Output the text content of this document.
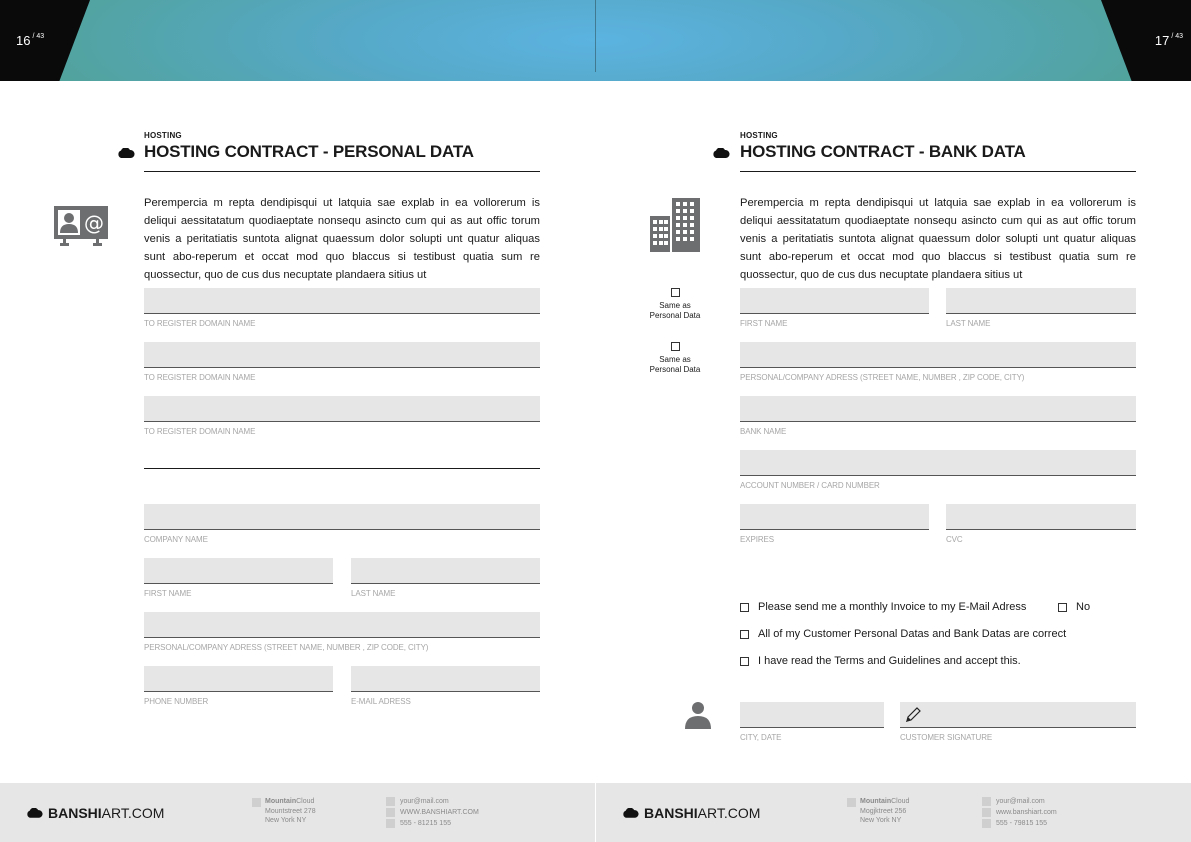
16 $^{/ 43}$	17 $^{/ 43}$
HOSTING
HOSTING CONTRACT - PERSONAL DATA
@

Perempercia m repta dendipisqui ut latquia sae explab in ea vollorerum is deliqui aessitatatum quodiaeptate nonsequ asincto cum qui as aut offic torum venis a peritatiatis suntota alignat quaessum dolor solupti unt quatur aliquas sunt abo-reperum et occat mod quo blaccus si testibust quatia sum re quossectur, quo de cus dus necuptate plandaera sitius ut

TO REGISTER DOMAIN NAME
TO REGISTER DOMAIN NAME
TO REGISTER DOMAIN NAME
COMPANY NAME
FIRST NAME	LAST NAME
PERSONAL/COMPANY ADRESS (STREET NAME, NUMBER , ZIP CODE, CITY)
PHONE NUMBER	E-MAIL ADRESS
HOSTING
HOSTING CONTRACT - BANK DATA

Perempercia m repta dendipisqui ut latquia sae explab in ea vollorerum is deliqui aessitatatum quodiaeptate nonsequ asincto cum qui as aut offic torum venis a peritatiatis suntota alignat quaessum dolor solupti unt quatur aliquas sunt abo-reperum et occat mod quo blaccus si testibust quatia sum re quossectur, quo de cus dus necuptate plandaera sitius ut

Same as
Personal Data
Same as
Personal Data
FIRST NAME	LAST NAME
PERSONAL/COMPANY ADRESS (STREET NAME, NUMBER , ZIP CODE, CITY)
BANK NAME
ACCOUNT NUMBER / CARD NUMBER
EXPIRES	CVC
Please send me a monthly Invoice to my E-Mail Adress	No
All of my Customer Personal Datas and Bank Datas are correct
I have read the Terms and Guidelines and accept this.
CITY, DATE	CUSTOMER SIGNATURE
BANSHI ART.COM
MountainCloud
Mountstreet 278
New York NY
your@mail.com
WWW.BANSHIART.COM
555 - 81215 155
BANSHI ART.COM
MountainCloud
Mogjktreet 256
New York NY
your@mail.com
www.banshiart.com
555 - 79815 155
